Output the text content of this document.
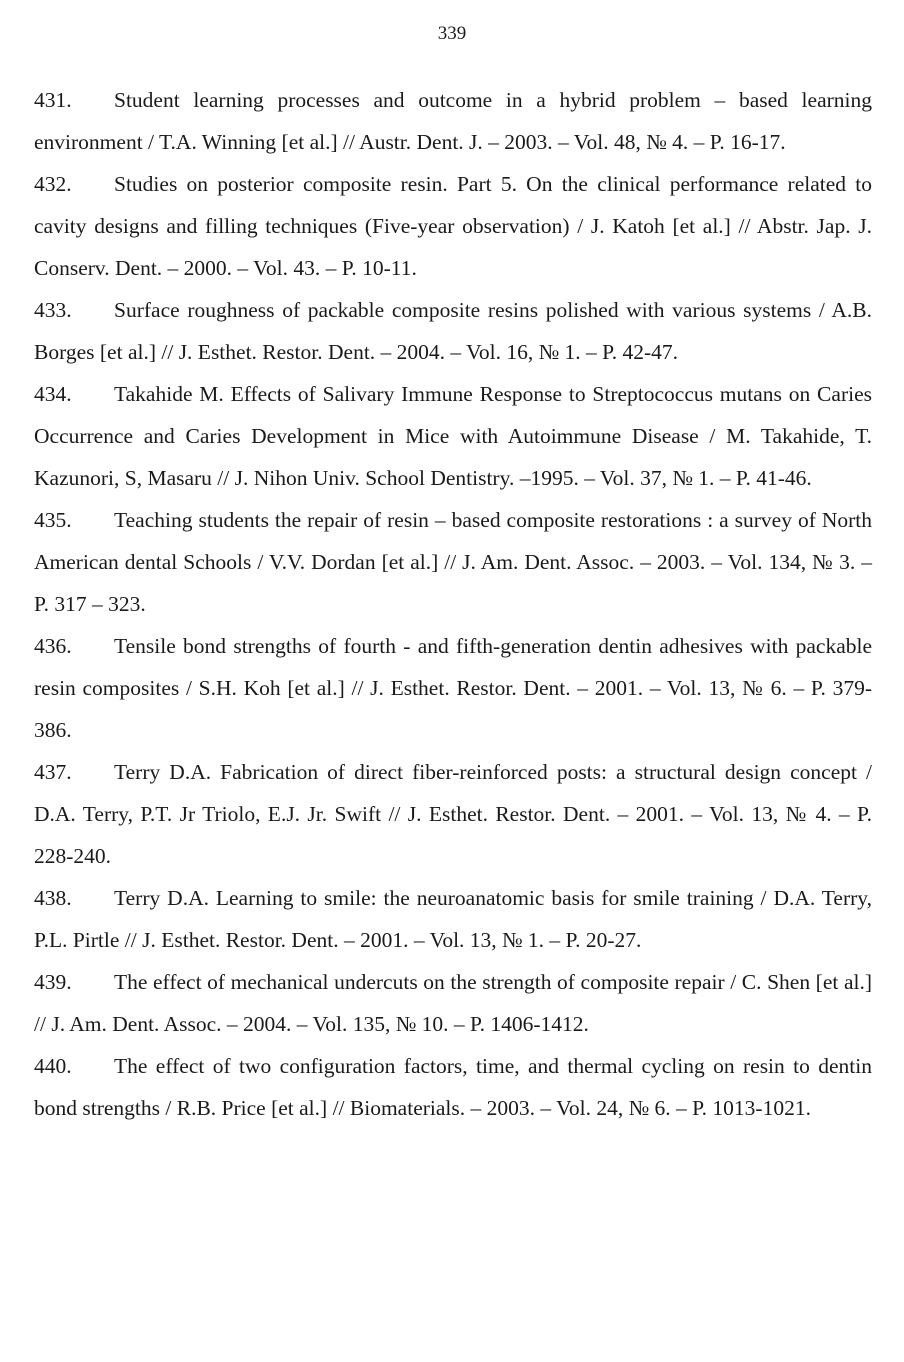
339

431. Student learning processes and outcome in a hybrid problem – based learning environment / T.A. Winning [et al.] // Austr. Dent. J. – 2003. – Vol. 48, № 4. – P. 16-17.

432. Studies on posterior composite resin. Part 5. On the clinical performance related to cavity designs and filling techniques (Five-year observation) / J. Katoh [et al.] // Abstr. Jap. J. Conserv. Dent. – 2000. – Vol. 43. – P. 10-11.

433. Surface roughness of packable composite resins polished with various systems / A.B. Borges [et al.] // J. Esthet. Restor. Dent. – 2004. – Vol. 16, № 1. – P. 42-47.

434. Takahide M. Effects of Salivary Immune Response to Streptococcus mutans on Caries Occurrence and Caries Development in Mice with Autoimmune Disease / M. Takahide, T. Kazunori, S, Masaru // J. Nihon Univ. School Dentistry. –1995. – Vol. 37, № 1. – P. 41-46.

435. Teaching students the repair of resin – based composite restorations : a survey of North American dental Schools / V.V. Dordan [et al.] // J. Am. Dent. Assoc. – 2003. – Vol. 134, № 3. – P. 317 – 323.

436. Tensile bond strengths of fourth - and fifth-generation dentin adhesives with packable resin composites / S.H. Koh [et al.] // J. Esthet. Restor. Dent. – 2001. – Vol. 13, № 6. – P. 379-386.

437. Terry D.A. Fabrication of direct fiber-reinforced posts: a structural design concept / D.A. Terry, P.T. Jr Triolo, E.J. Jr. Swift // J. Esthet. Restor. Dent. – 2001. – Vol. 13, № 4. – P. 228-240.

438. Terry D.A. Learning to smile: the neuroanatomic basis for smile training / D.A. Terry, P.L. Pirtle // J. Esthet. Restor. Dent. – 2001. – Vol. 13, № 1. – P. 20-27.

439. The effect of mechanical undercuts on the strength of composite repair / C. Shen [et al.] // J. Am. Dent. Assoc. – 2004. – Vol. 135, № 10. – P. 1406-1412.

440. The effect of two configuration factors, time, and thermal cycling on resin to dentin bond strengths / R.B. Price [et al.] // Biomaterials. – 2003. – Vol. 24, № 6. – P. 1013-1021.
